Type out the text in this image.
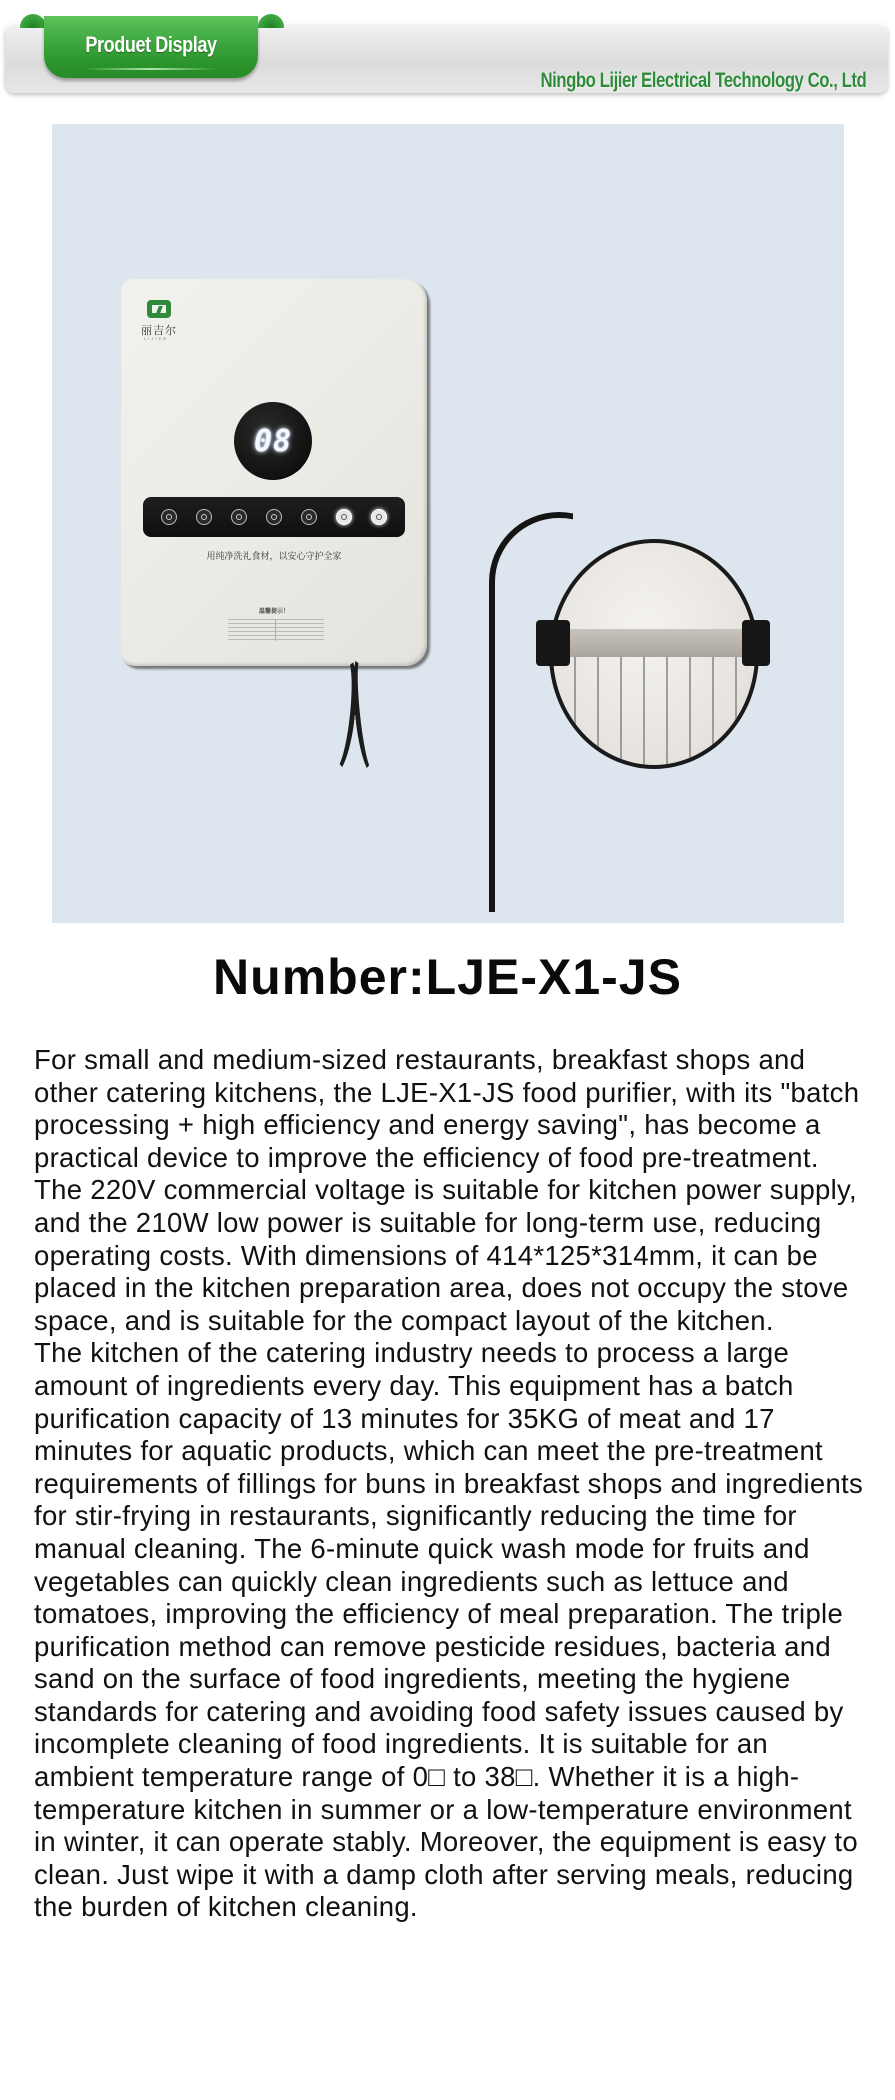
Ningbo Lijier Electrical Technology Co., Ltd
Produet Display
丽吉尔
LIJIER
08
用纯净洗礼食材，以安心守护全家
温馨提示！
Number:LJE-X1-JS

For small and medium-sized restaurants, breakfast shops and other catering kitchens, the LJE-X1-JS food purifier, with its "batch processing + high efficiency and energy saving", has become a practical device to improve the efficiency of food pre-treatment. The 220V commercial voltage is suitable for kitchen power supply, and the 210W low power is suitable for long-term use, reducing operating costs. With dimensions of 414*125*314mm, it can be placed in the kitchen preparation area, does not occupy the stove space, and is suitable for the compact layout of the kitchen.

The kitchen of the catering industry needs to process a large amount of ingredients every day. This equipment has a batch purification capacity of 13 minutes for 35KG of meat and 17 minutes for aquatic products, which can meet the pre-treatment requirements of fillings for buns in breakfast shops and ingredients for stir-frying in restaurants, significantly reducing the time for manual cleaning. The 6-minute quick wash mode for fruits and vegetables can quickly clean ingredients such as lettuce and tomatoes, improving the efficiency of meal preparation. The triple purification method can remove pesticide residues, bacteria and sand on the surface of food ingredients, meeting the hygiene standards for catering and avoiding food safety issues caused by incomplete cleaning of food ingredients. It is suitable for an ambient temperature range of 0□ to 38□. Whether it is a high-temperature kitchen in summer or a low-temperature environment in winter, it can operate stably. Moreover, the equipment is easy to clean. Just wipe it with a damp cloth after serving meals, reducing the burden of kitchen cleaning.
